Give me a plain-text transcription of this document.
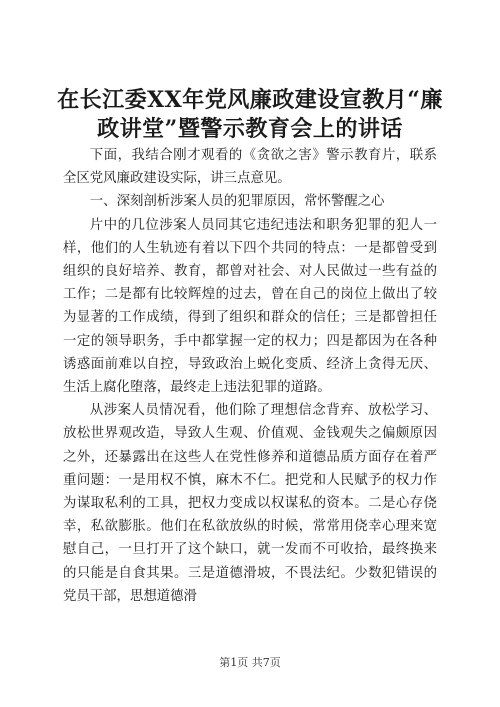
在长江委XX年党风廉政建设宣教月“廉政讲堂”暨警示教育会上的讲话

下面，我结合刚才观看的《贪欲之害》警示教育片，联系全区党风廉政建设实际，讲三点意见。

一、深刻剖析涉案人员的犯罪原因，常怀警醒之心

片中的几位涉案人员同其它违纪违法和职务犯罪的犯人一样，他们的人生轨迹有着以下四个共同的特点：一是都曾受到组织的良好培养、教育，都曾对社会、对人民做过一些有益的工作；二是都有比较辉煌的过去，曾在自己的岗位上做出了较为显著的工作成绩，得到了组织和群众的信任；三是都曾担任一定的领导职务，手中都掌握一定的权力；四是都因为在各种诱惑面前难以自控，导致政治上蜕化变质、经济上贪得无厌、生活上腐化堕落，最终走上违法犯罪的道路。

从涉案人员情况看，他们除了理想信念背弃、放松学习、放松世界观改造，导致人生观、价值观、金钱观失之偏颇原因之外，还暴露出在这些人在党性修养和道德品质方面存在着严重问题：一是用权不慎，麻木不仁。把党和人民赋予的权力作为谋取私利的工具，把权力变成以权谋私的资本。二是心存侥幸，私欲膨胀。他们在私欲放纵的时候，常常用侥幸心理来宽慰自己，一旦打开了这个缺口，就一发而不可收拾，最终换来的只能是自食其果。三是道德滑坡，不畏法纪。少数犯错误的党员干部，思想道德滑

第1页 共7页
